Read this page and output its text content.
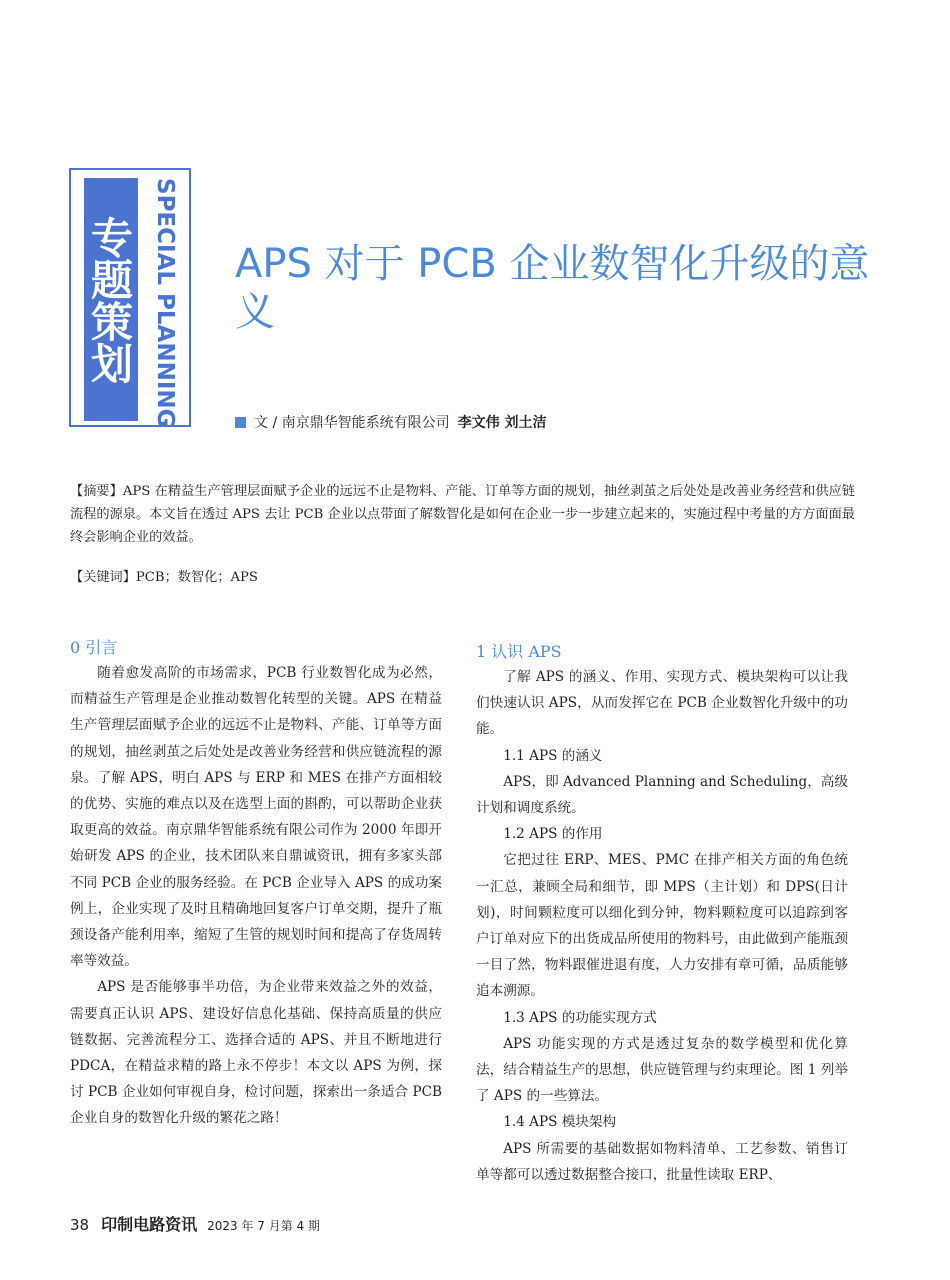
专题策划 SPECIAL PLANNING APS 对于 PCB 企业数智化升级的意义
文 / 南京鼎华智能系统有限公司 李文伟 刘土洁

【摘要】APS 在精益生产管理层面赋予企业的远远不止是物料、产能、订单等方面的规划，抽丝剥茧之后处处是改善业务经营和供应链流程的源泉。本文旨在透过 APS 去让 PCB 企业以点带面了解数智化是如何在企业一步一步建立起来的，实施过程中考量的方方面面最终会影响企业的效益。

【关键词】PCB；数智化；APS

0 引言

随着愈发高阶的市场需求，PCB 行业数智化成为必然，而精益生产管理是企业推动数智化转型的关键。APS 在精益生产管理层面赋予企业的远远不止是物料、产能、订单等方面的规划，抽丝剥茧之后处处是改善业务经营和供应链流程的源泉。了解 APS，明白 APS 与 ERP 和 MES 在排产方面相较的优势、实施的难点以及在选型上面的斟酌，可以帮助企业获取更高的效益。南京鼎华智能系统有限公司作为 2000 年即开始研发 APS 的企业，技术团队来自鼎诚资讯，拥有多家头部不同 PCB 企业的服务经验。在 PCB 企业导入 APS 的成功案例上，企业实现了及时且精确地回复客户订单交期，提升了瓶颈设备产能利用率，缩短了生管的规划时间和提高了存货周转率等效益。

APS 是否能够事半功倍，为企业带来效益之外的效益，需要真正认识 APS、建设好信息化基础、保持高质量的供应链数据、完善流程分工、选择合适的 APS、并且不断地进行 PDCA，在精益求精的路上永不停步！本文以 APS 为例，探讨 PCB 企业如何审视自身，检讨问题，探索出一条适合 PCB 企业自身的数智化升级的繁花之路！

1 认识 APS

了解 APS 的涵义、作用、实现方式、模块架构可以让我们快速认识 APS，从而发挥它在 PCB 企业数智化升级中的功能。

1.1 APS 的涵义

APS，即 Advanced Planning and Scheduling，高级计划和调度系统。

1.2 APS 的作用

它把过往 ERP、MES、PMC 在排产相关方面的角色统一汇总，兼顾全局和细节，即 MPS（主计划）和 DPS(日计划)，时间颗粒度可以细化到分钟，物料颗粒度可以追踪到客户订单对应下的出货成品所使用的物料号，由此做到产能瓶颈一目了然，物料跟催进退有度，人力安排有章可循，品质能够追本溯源。

1.3 APS 的功能实现方式

APS 功能实现的方式是透过复杂的数学模型和优化算法，结合精益生产的思想，供应链管理与约束理论。图 1 列举了 APS 的一些算法。

1.4 APS 模块架构

APS 所需要的基础数据如物料清单、工艺参数、销售订单等都可以透过数据整合接口，批量性读取 ERP、

38 印制电路资讯 2023 年 7 月第 4 期
